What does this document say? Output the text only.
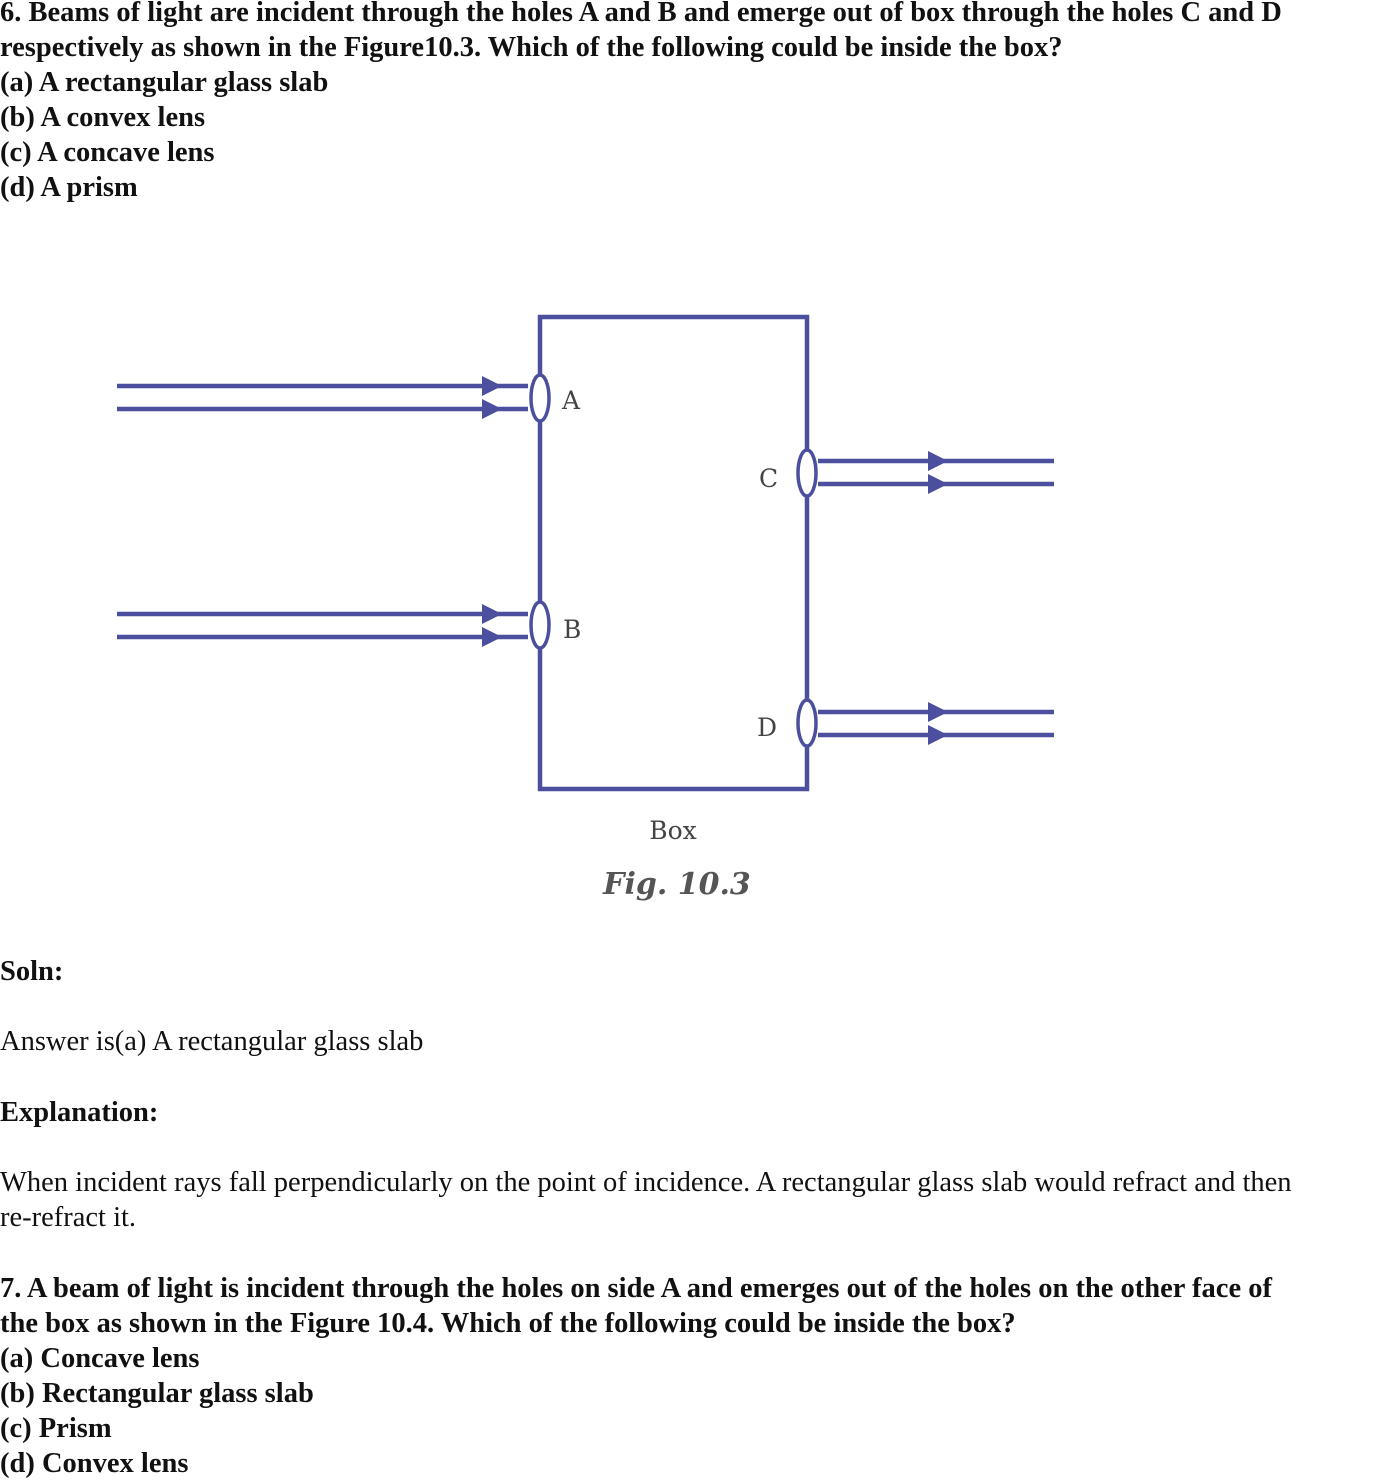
6. Beams of light are incident through the holes A and B and emerge out of box through the holes C and D

respectively as shown in the Figure10.3. Which of the following could be inside the box?

(a) A rectangular glass slab

(b) A convex lens

(c) A concave lens

(d) A prism

A
B
C
D
Box
Fig. 10.3

Soln:

Answer is(a) A rectangular glass slab

Explanation:

When incident rays fall perpendicularly on the point of incidence. A rectangular glass slab would refract and then

re-refract it.

7. A beam of light is incident through the holes on side A and emerges out of the holes on the other face of

the box as shown in the Figure 10.4. Which of the following could be inside the box?

(a) Concave lens

(b) Rectangular glass slab

(c) Prism

(d) Convex lens
